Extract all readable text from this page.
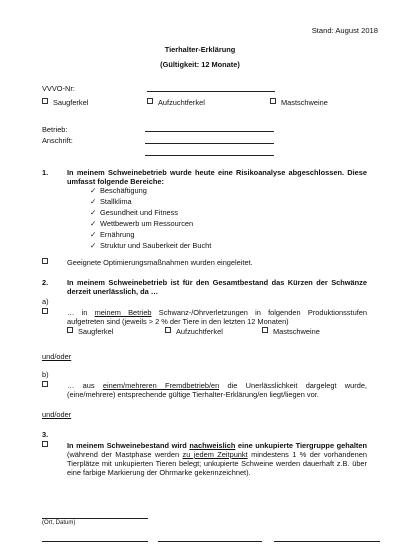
Stand: August 2018
Tierhalter-Erklärung
(Gültigkeit: 12 Monate)
VVVO-Nr:
Saugferkel	Aufzuchtferkel	Mastschweine
Betrieb:
Anschrift:
1.	In meinem Schweinebetrieb wurde heute eine Risikoanalyse abgeschlossen. Diese umfasst folgende Bereiche:
✓ Beschäftigung
✓ Stallklima
✓ Gesundheit und Fitness
✓ Wettbewerb um Ressourcen
✓ Ernährung
✓ Struktur und Sauberkeit der Bucht
Geeignete Optimierungsmaßnahmen wurden eingeleitet.
2.	In meinem Schweinebetrieb ist für den Gesamtbestand das Kürzen der Schwänze derzeit unerlässlich, da …
a)
… in meinem Betrieb Schwanz-/Ohrverletzungen in folgenden Produktionsstufen aufgetreten sind (jeweils > 2 % der Tiere in den letzten 12 Monaten)
Saugferkel	Aufzuchtferkel	Mastschweine
und/oder
b)
… aus einem/mehreren Fremdbetrieb/en die Unerlässlichkeit dargelegt wurde, (eine/mehrere) entsprechende gültige Tierhalter-Erklärung/en liegt/liegen vor.
und/oder
3.
In meinem Schweinebestand wird nachweislich eine unkupierte Tiergruppe gehalten (während der Mastphase werden zu jedem Zeitpunkt mindestens 1 % der vorhandenen Tierplätze mit unkupierten Tieren belegt; unkupierte Schweine werden dauerhaft z.B. über eine farbige Markierung der Ohrmarke gekennzeichnet).
(Ort, Datum)
